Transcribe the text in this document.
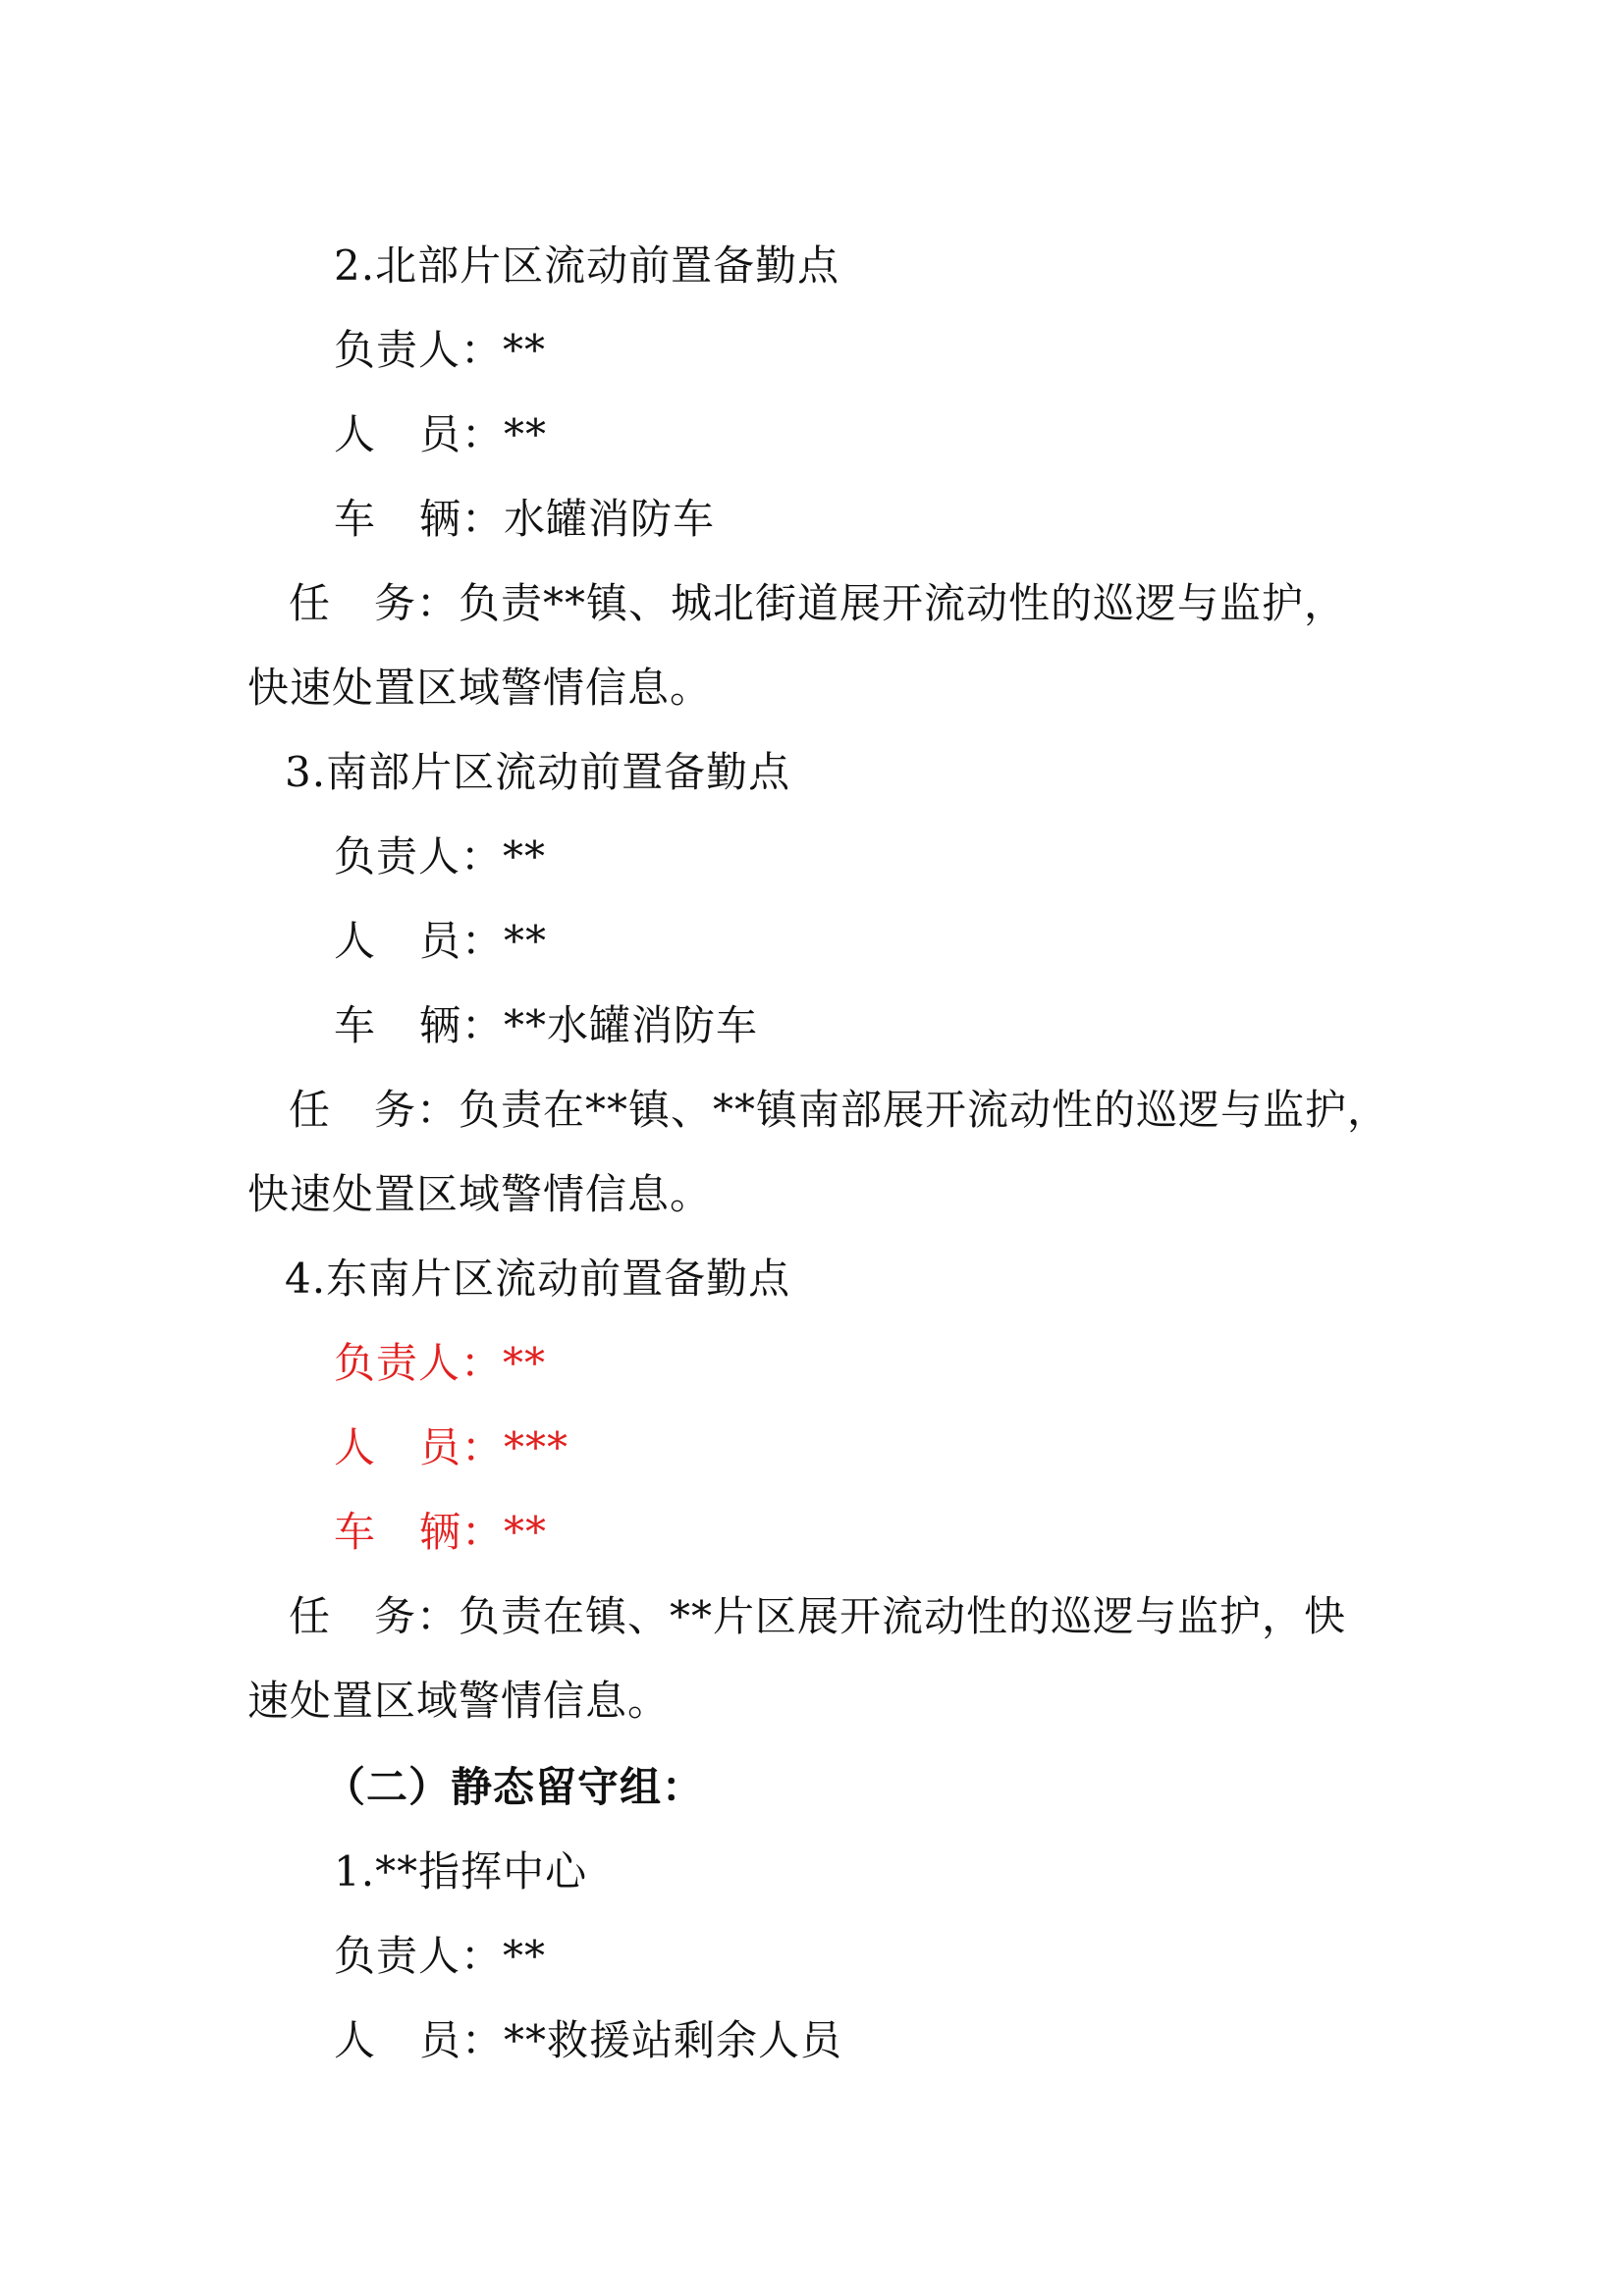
2.北部片区流动前置备勤点
负责人：**
人 员：**
车 辆：水罐消防车
任 务：负责**镇、城北街道展开流动性的巡逻与监护，
快速处置区域警情信息。
3.南部片区流动前置备勤点
负责人：**
人 员：**
车 辆：**水罐消防车
任 务：负责在**镇、**镇南部展开流动性的巡逻与监护，
快速处置区域警情信息。
4.东南片区流动前置备勤点
负责人：**
人 员：***
车 辆：**
任 务：负责在镇、**片区展开流动性的巡逻与监护，快
速处置区域警情信息。
（二）静态留守组：
1.**指挥中心
负责人：**
人 员：**救援站剩余人员
